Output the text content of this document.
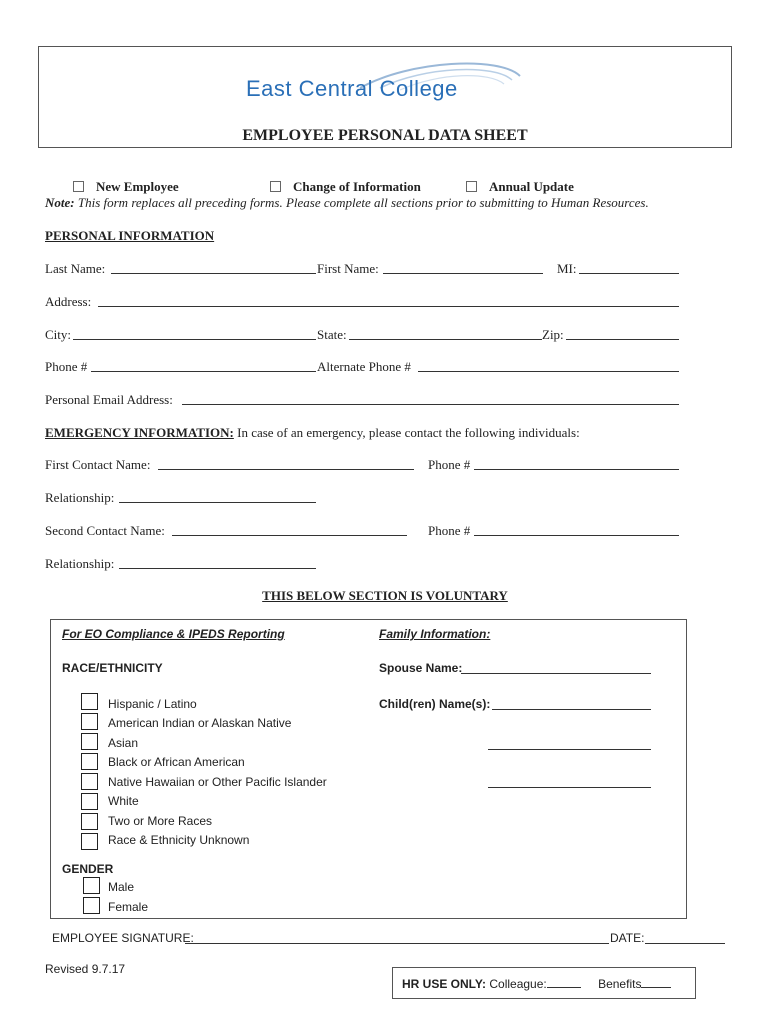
East Central College
EMPLOYEE PERSONAL DATA SHEET
New Employee	Change of Information	Annual Update
Note: This form replaces all preceding forms. Please complete all sections prior to submitting to Human Resources.
PERSONAL INFORMATION
Last Name:	First Name:	MI:
Address:
City:	State:	Zip:
Phone #	Alternate Phone #
Personal Email Address:
EMERGENCY INFORMATION: In case of an emergency, please contact the following individuals:
First Contact Name:	Phone #
Relationship:
Second Contact Name:	Phone #
Relationship:
THIS BELOW SECTION IS VOLUNTARY
For EO Compliance & IPEDS Reporting	Family Information:
RACE/ETHNICITY
Hispanic / Latino
American Indian or Alaskan Native
Asian
Black or African American
Native Hawaiian or Other Pacific Islander
White
Two or More Races
Race & Ethnicity Unknown
GENDER
Male
Female
Spouse Name:
Child(ren) Name(s):
EMPLOYEE SIGNATURE:	DATE:
Revised 9.7.17
HR USE ONLY: Colleague:	Benefits
